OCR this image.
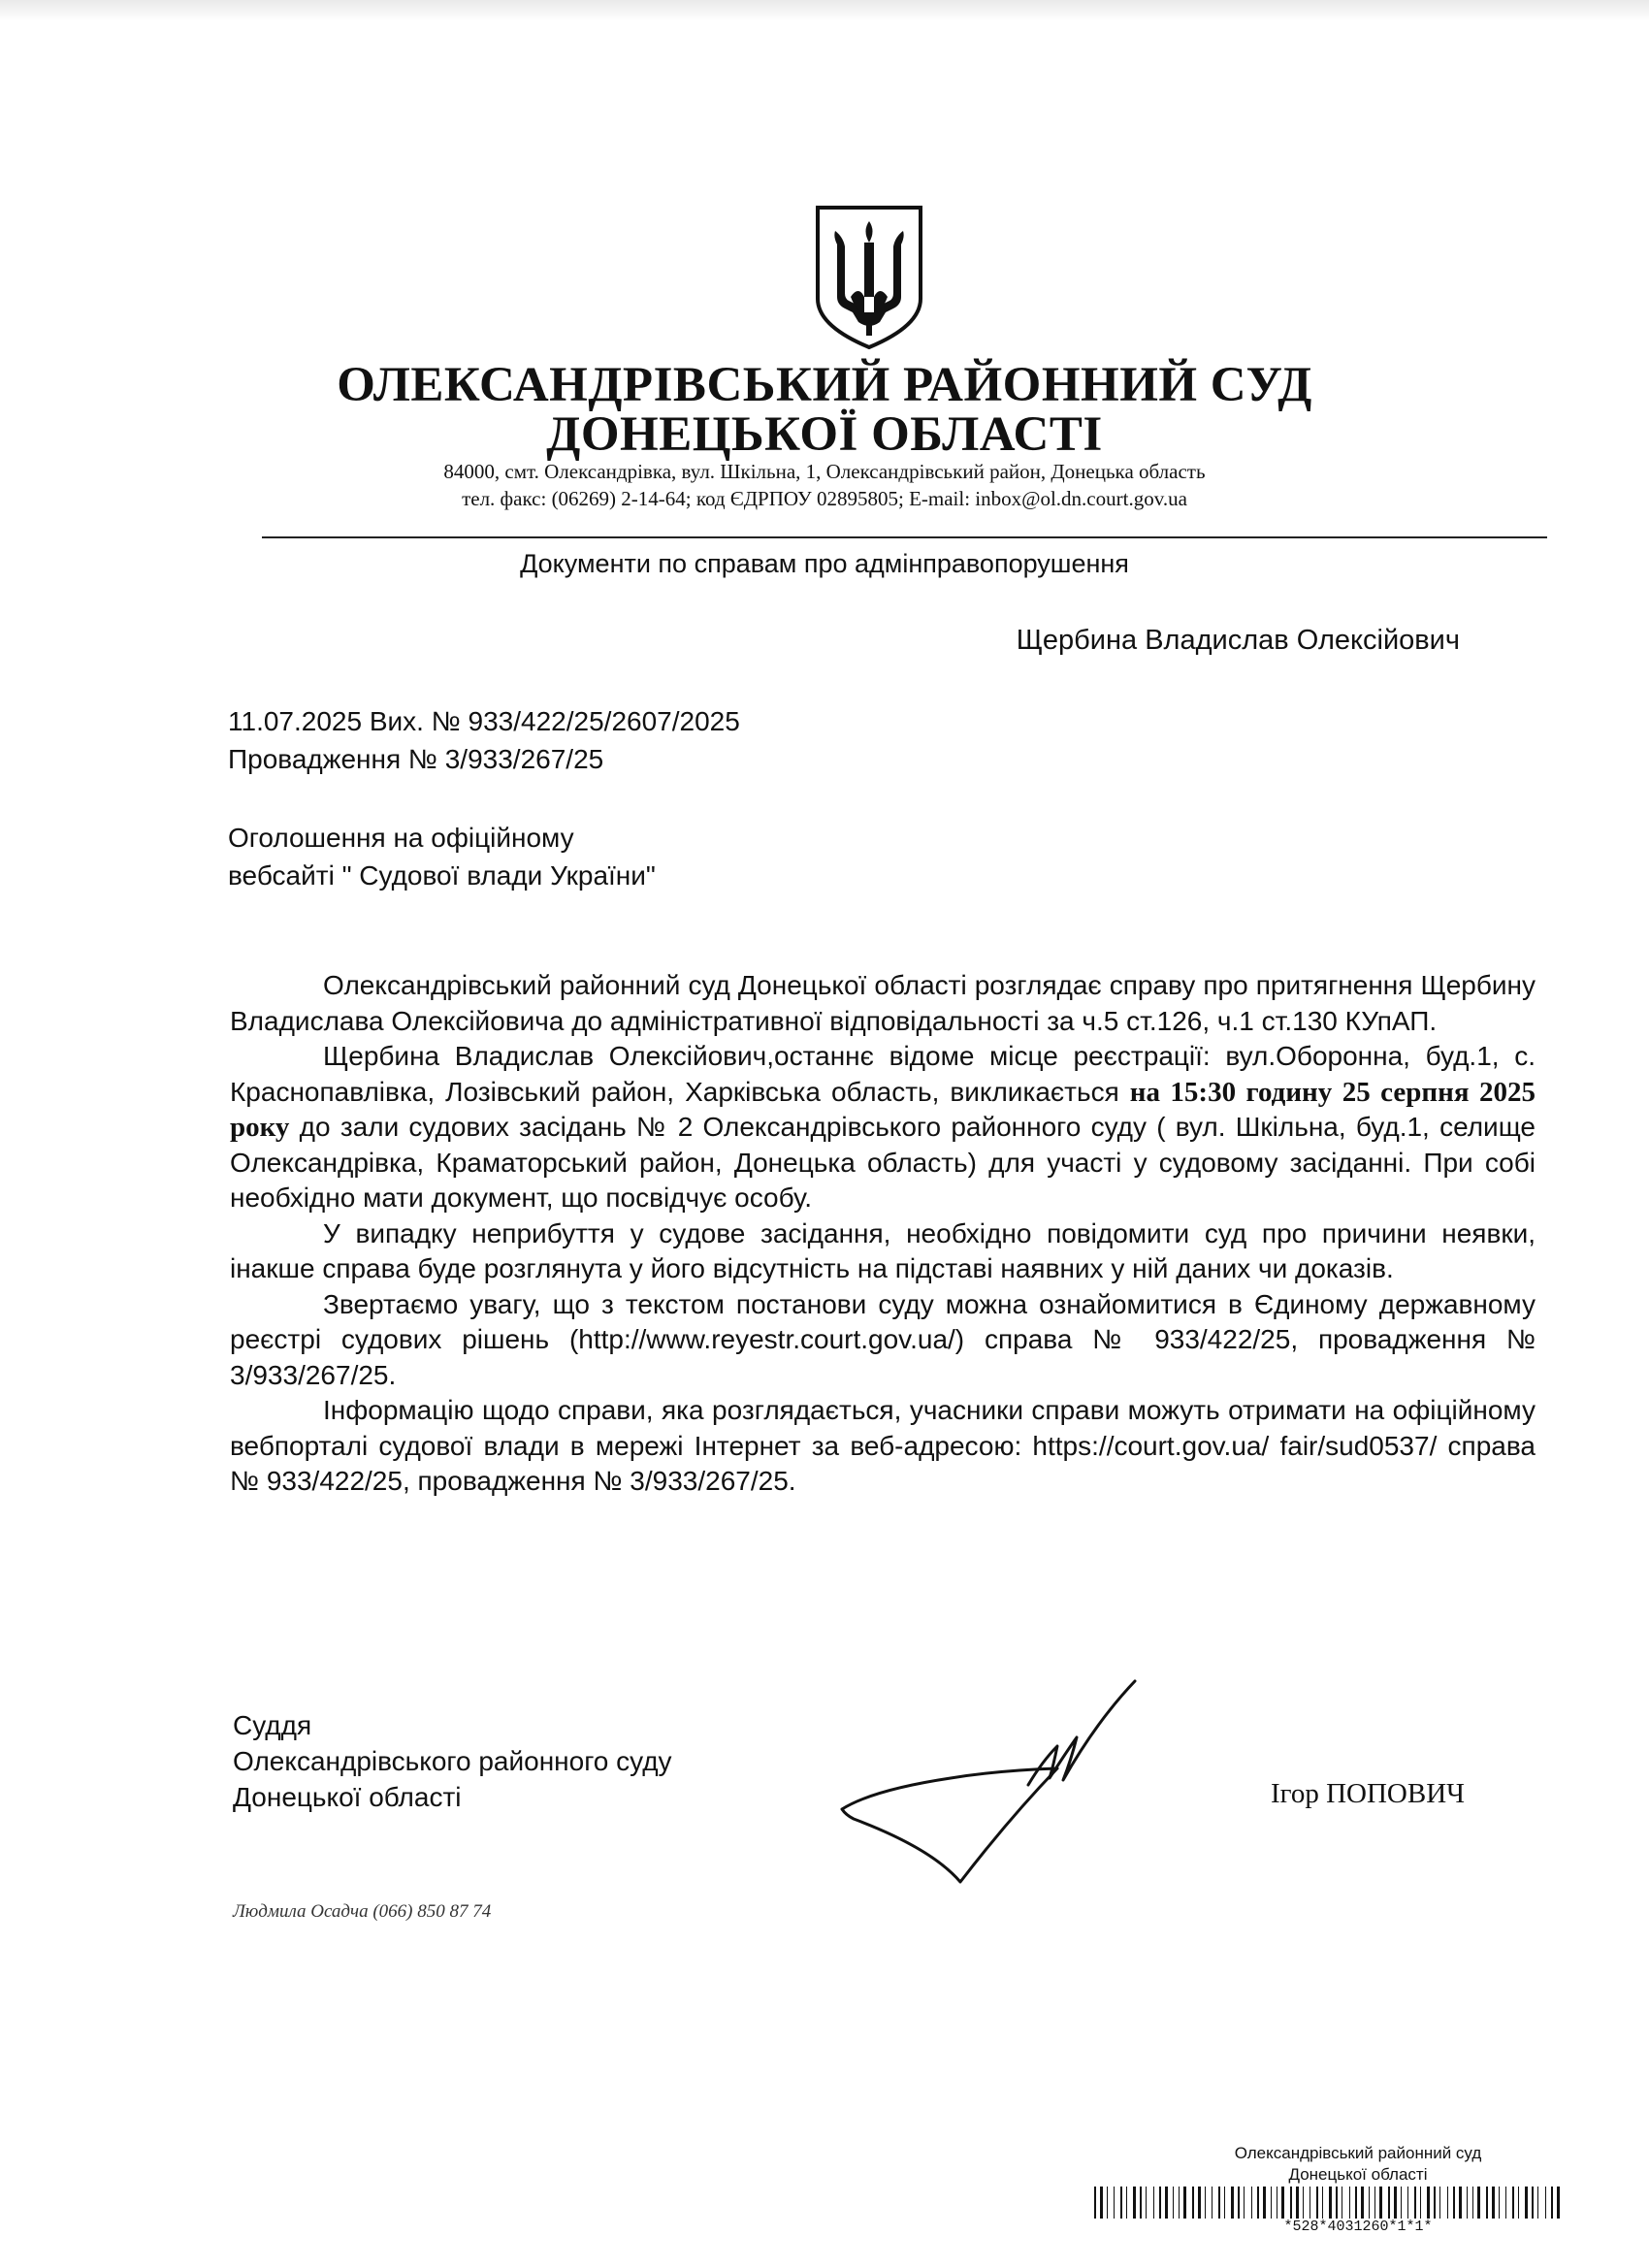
ОЛЕКСАНДРІВСЬКИЙ РАЙОННИЙ СУД
ДОНЕЦЬКОЇ ОБЛАСТІ
84000, смт. Олександрівка, вул. Шкільна, 1, Олександрівський район, Донецька область
тел. факс: (06269) 2-14-64; код ЄДРПОУ 02895805; E-mail: inbox@ol.dn.court.gov.ua
Документи по справам про адмінправопорушення
Щербина Владислав Олексійович
11.07.2025 Вих. № 933/422/25/2607/2025
Провадження № 3/933/267/25
Оголошення на офіційному
вебсайті " Судової влади України"

Олександрівський районний суд Донецької області розглядає справу про притягнення Щербину Владислава Олексійовича до адміністративної відповідальності за ч.5 ст.126, ч.1 ст.130 КУпАП.

Щербина Владислав Олексійович,останнє відоме місце реєстрації: вул.Оборонна, буд.1, с. Краснопавлівка, Лозівський район, Харківська область, викликається на 15:30 годину 25 серпня 2025 року до зали судових засідань № 2 Олександрівського районного суду ( вул. Шкільна, буд.1, селище Олександрівка, Краматорський район, Донецька область) для участі у судовому засіданні. При собі необхідно мати документ, що посвідчує особу.

У випадку неприбуття у судове засідання, необхідно повідомити суд про причини неявки, інакше справа буде розглянута у його відсутність на підставі наявних у ній даних чи доказів.

Звертаємо увагу, що з текстом постанови суду можна ознайомитися в Єдиному державному реєстрі судових рішень (http://www.reyestr.court.gov.ua/) справа № 933/422/25, провадження № 3/933/267/25.

Інформацію щодо справи, яка розглядається, учасники справи можуть отримати на офіційному вебпорталі судової влади в мережі Інтернет за веб-адресою: https://court.gov.ua/ fair/sud0537/ справа № 933/422/25, провадження № 3/933/267/25.

Суддя
Олександрівського районного суду
Донецької області	Ігор ПОПОВИЧ
Людмила Осадча (066) 850 87 74
Олександрівський районний суд
Донецької області
*528*4031260*1*1*
